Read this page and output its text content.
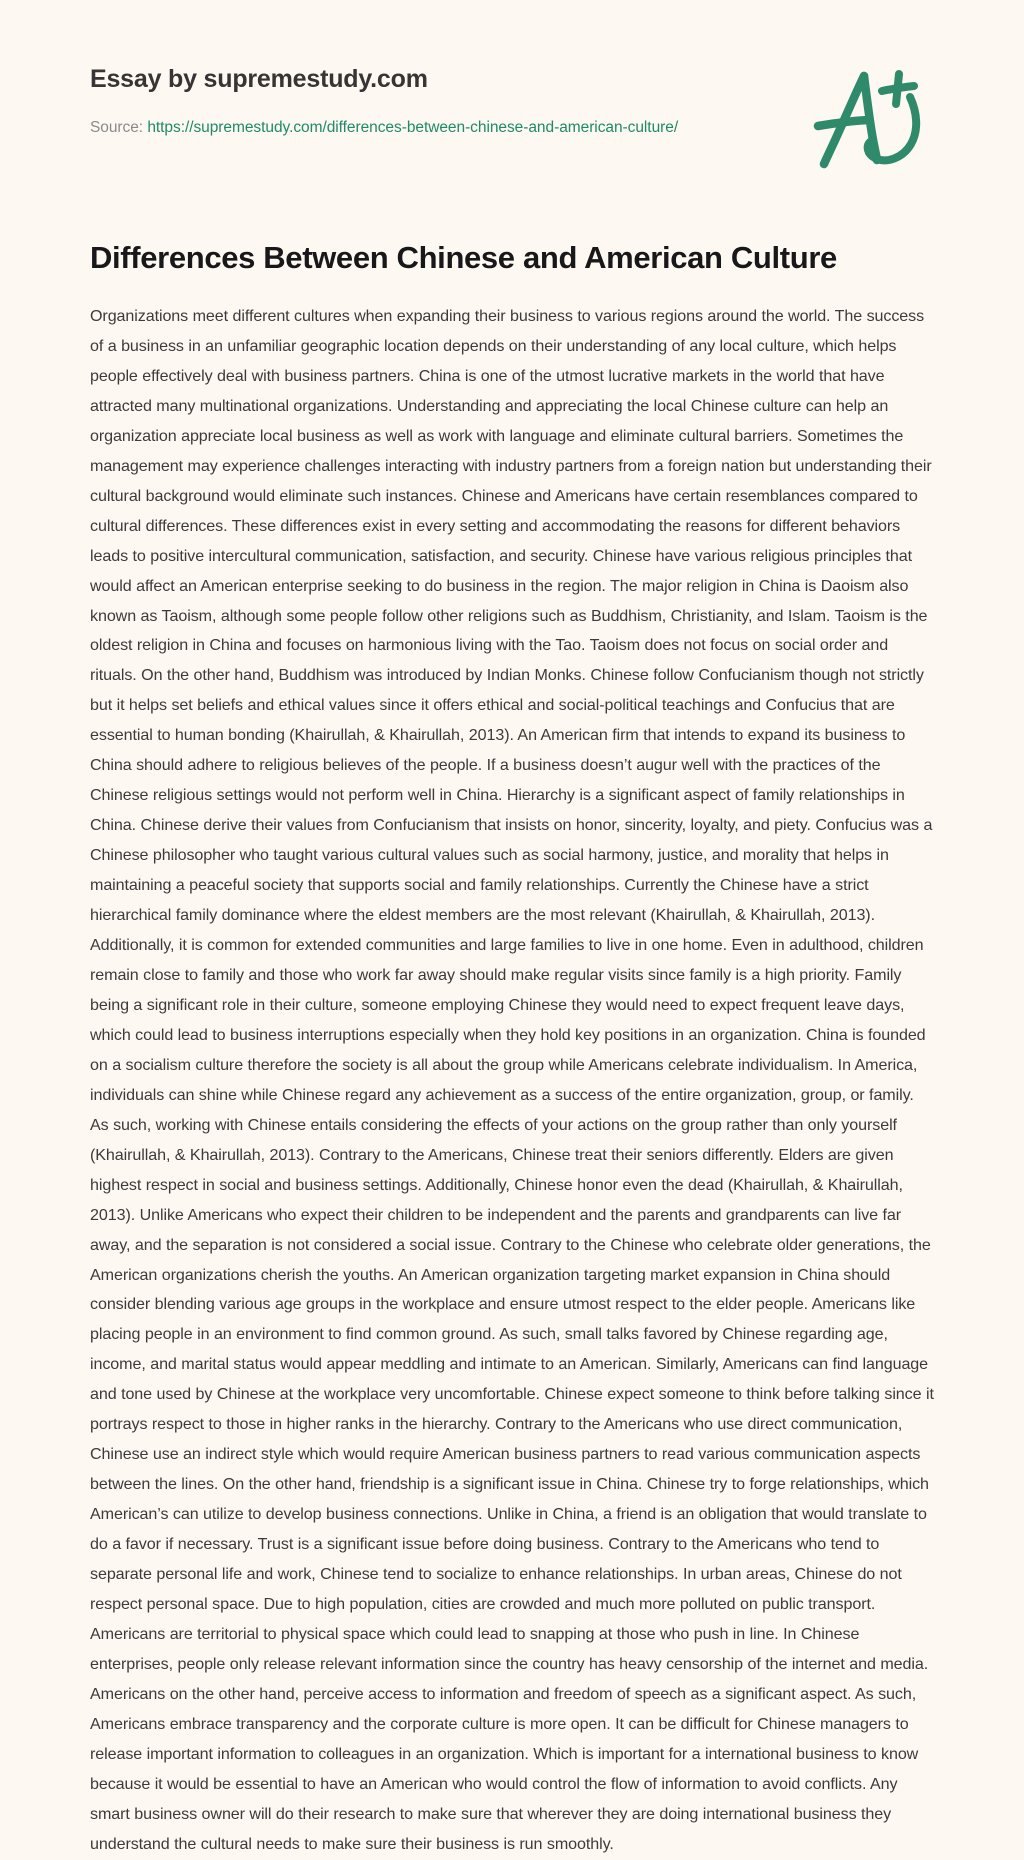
Essay by supremestudy.com
Source: https://supremestudy.com/differences-between-chinese-and-american-culture/
Differences Between Chinese and American Culture

Organizations meet different cultures when expanding their business to various regions around the world. The success of a business in an unfamiliar geographic location depends on their understanding of any local culture, which helps people effectively deal with business partners. China is one of the utmost lucrative markets in the world that have attracted many multinational organizations. Understanding and appreciating the local Chinese culture can help an organization appreciate local business as well as work with language and eliminate cultural barriers. Sometimes the management may experience challenges interacting with industry partners from a foreign nation but understanding their cultural background would eliminate such instances. Chinese and Americans have certain resemblances compared to cultural differences. These differences exist in every setting and accommodating the reasons for different behaviors leads to positive intercultural communication, satisfaction, and security. Chinese have various religious principles that would affect an American enterprise seeking to do business in the region. The major religion in China is Daoism also known as Taoism, although some people follow other religions such as Buddhism, Christianity, and Islam. Taoism is the oldest religion in China and focuses on harmonious living with the Tao. Taoism does not focus on social order and rituals. On the other hand, Buddhism was introduced by Indian Monks. Chinese follow Confucianism though not strictly but it helps set beliefs and ethical values since it offers ethical and social-political teachings and Confucius that are essential to human bonding (Khairullah, & Khairullah, 2013). An American firm that intends to expand its business to China should adhere to religious believes of the people. If a business doesn’t augur well with the practices of the Chinese religious settings would not perform well in China. Hierarchy is a significant aspect of family relationships in China. Chinese derive their values from Confucianism that insists on honor, sincerity, loyalty, and piety. Confucius was a Chinese philosopher who taught various cultural values such as social harmony, justice, and morality that helps in maintaining a peaceful society that supports social and family relationships. Currently the Chinese have a strict hierarchical family dominance where the eldest members are the most relevant (Khairullah, & Khairullah, 2013). Additionally, it is common for extended communities and large families to live in one home. Even in adulthood, children remain close to family and those who work far away should make regular visits since family is a high priority. Family being a significant role in their culture, someone employing Chinese they would need to expect frequent leave days, which could lead to business interruptions especially when they hold key positions in an organization. China is founded on a socialism culture therefore the society is all about the group while Americans celebrate individualism. In America, individuals can shine while Chinese regard any achievement as a success of the entire organization, group, or family. As such, working with Chinese entails considering the effects of your actions on the group rather than only yourself (Khairullah, & Khairullah, 2013). Contrary to the Americans, Chinese treat their seniors differently. Elders are given highest respect in social and business settings. Additionally, Chinese honor even the dead (Khairullah, & Khairullah, 2013). Unlike Americans who expect their children to be independent and the parents and grandparents can live far away, and the separation is not considered a social issue. Contrary to the Chinese who celebrate older generations, the American organizations cherish the youths. An American organization targeting market expansion in China should consider blending various age groups in the workplace and ensure utmost respect to the elder people. Americans like placing people in an environment to find common ground. As such, small talks favored by Chinese regarding age, income, and marital status would appear meddling and intimate to an American. Similarly, Americans can find language and tone used by Chinese at the workplace very uncomfortable. Chinese expect someone to think before talking since it portrays respect to those in higher ranks in the hierarchy. Contrary to the Americans who use direct communication, Chinese use an indirect style which would require American business partners to read various communication aspects between the lines. On the other hand, friendship is a significant issue in China. Chinese try to forge relationships, which American’s can utilize to develop business connections. Unlike in China, a friend is an obligation that would translate to do a favor if necessary. Trust is a significant issue before doing business. Contrary to the Americans who tend to separate personal life and work, Chinese tend to socialize to enhance relationships. In urban areas, Chinese do not respect personal space. Due to high population, cities are crowded and much more polluted on public transport. Americans are territorial to physical space which could lead to snapping at those who push in line. In Chinese enterprises, people only release relevant information since the country has heavy censorship of the internet and media. Americans on the other hand, perceive access to information and freedom of speech as a significant aspect. As such, Americans embrace transparency and the corporate culture is more open. It can be difficult for Chinese managers to release important information to colleagues in an organization. Which is important for a international business to know because it would be essential to have an American who would control the flow of information to avoid conflicts. Any smart business owner will do their research to make sure that wherever they are doing international business they understand the cultural needs to make sure their business is run smoothly.
